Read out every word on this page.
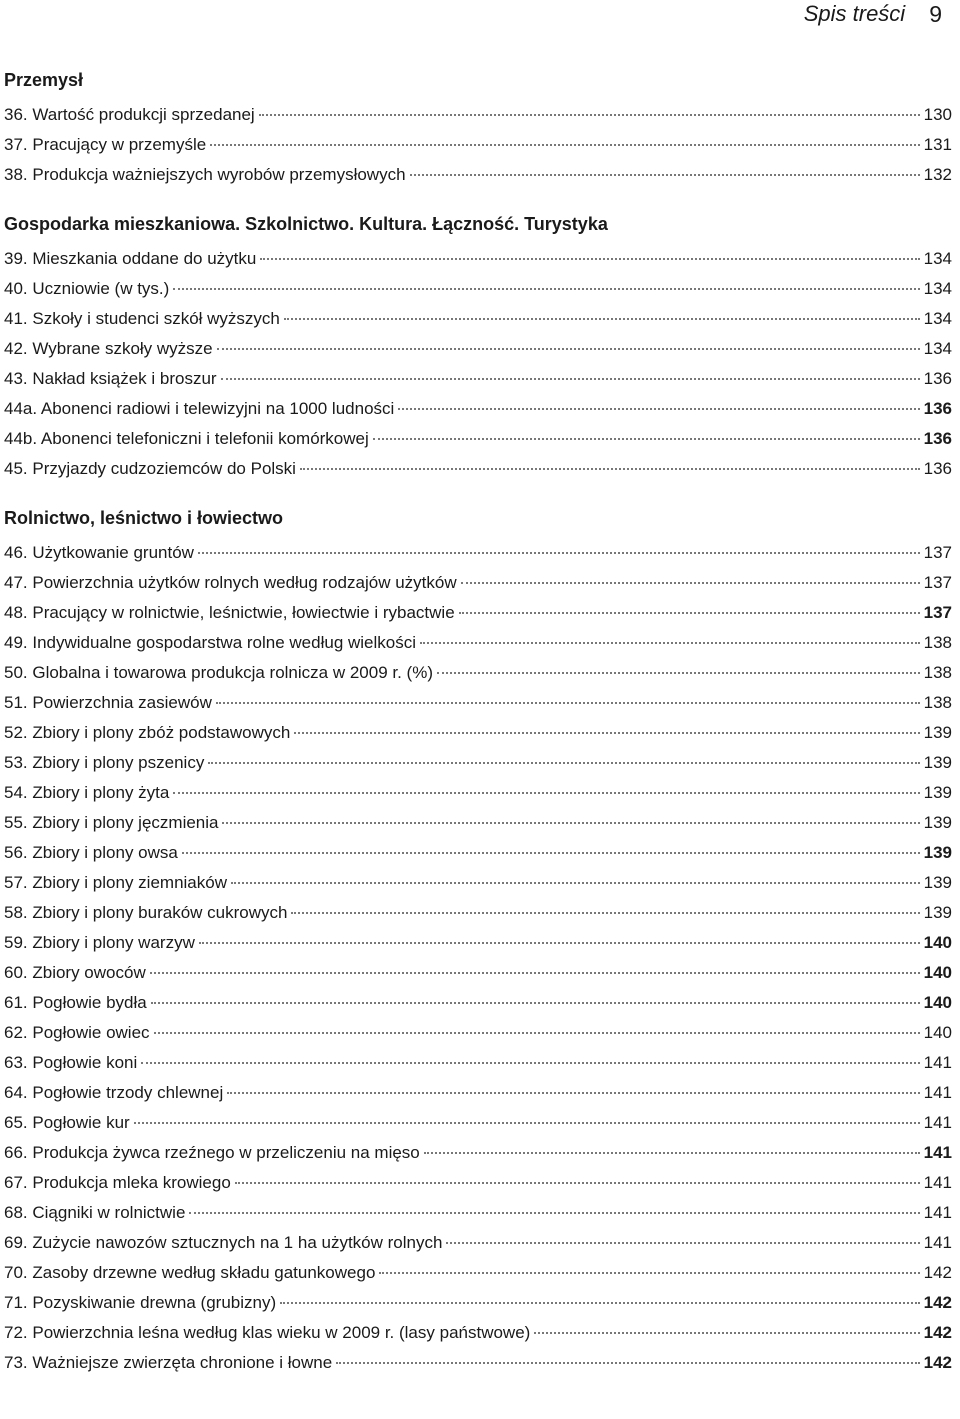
Spis treści 9
Przemysł
36. Wartość produkcji sprzedanej	130
37. Pracujący w przemyśle	131
38. Produkcja ważniejszych wyrobów przemysłowych	132
Gospodarka mieszkaniowa. Szkolnictwo. Kultura. Łączność. Turystyka
39. Mieszkania oddane do użytku	134
40. Uczniowie (w tys.)	134
41. Szkoły i studenci szkół wyższych	134
42. Wybrane szkoły wyższe	134
43. Nakład książek i broszur	136
44a. Abonenci radiowi i telewizyjni na 1000 ludności	136
44b. Abonenci telefoniczni i telefonii komórkowej	136
45. Przyjazdy cudzoziemców do Polski	136
Rolnictwo, leśnictwo i łowiectwo
46. Użytkowanie gruntów	137
47. Powierzchnia użytków rolnych według rodzajów użytków	137
48. Pracujący w rolnictwie, leśnictwie, łowiectwie i rybactwie	137
49. Indywidualne gospodarstwa rolne według wielkości	138
50. Globalna i towarowa produkcja rolnicza w 2009 r. (%)	138
51. Powierzchnia zasiewów	138
52. Zbiory i plony zbóż podstawowych	139
53. Zbiory i plony pszenicy	139
54. Zbiory i plony żyta	139
55. Zbiory i plony jęczmienia	139
56. Zbiory i plony owsa	139
57. Zbiory i plony ziemniaków	139
58. Zbiory i plony buraków cukrowych	139
59. Zbiory i plony warzyw	140
60. Zbiory owoców	140
61. Pogłowie bydła	140
62. Pogłowie owiec	140
63. Pogłowie koni	141
64. Pogłowie trzody chlewnej	141
65. Pogłowie kur	141
66. Produkcja żywca rzeźnego w przeliczeniu na mięso	141
67. Produkcja mleka krowiego	141
68. Ciągniki w rolnictwie	141
69. Zużycie nawozów sztucznych na 1 ha użytków rolnych	141
70. Zasoby drzewne według składu gatunkowego	142
71. Pozyskiwanie drewna (grubizny)	142
72. Powierzchnia leśna według klas wieku w 2009 r. (lasy państwowe)	142
73. Ważniejsze zwierzęta chronione i łowne	142
